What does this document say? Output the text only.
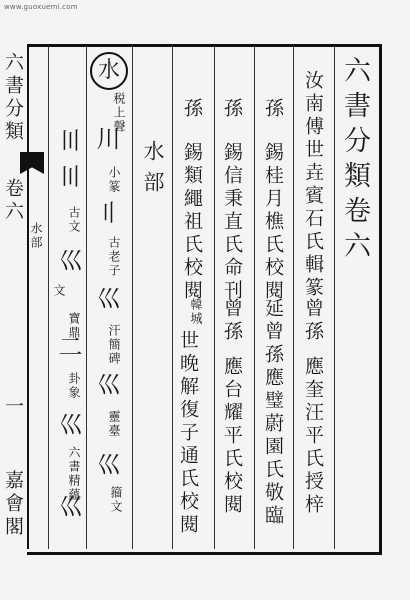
www.guoxuemi.com
六書分類卷六
汝南傅世垚賓石氏輯篆
曾孫
應奎汪平氏授梓
孫
錫桂月樵氏校閱
延曾孫應璧蔚園氏敬臨
孫
錫信秉直氏命刊
曾孫
應台耀平氏校閱
孫
錫類繩祖氏校閱
韓城
世晚解復子通氏校閱
水部
水
税上聲
川
小篆
〢
古老子
巛
汗簡碑
巛
靈臺
巛
籀文
〣
〣
古文
巛
文
寶鼎
二
卦象
巛
六書精蘊
巛
六書分類
卷六
水部
一
嘉會閣
